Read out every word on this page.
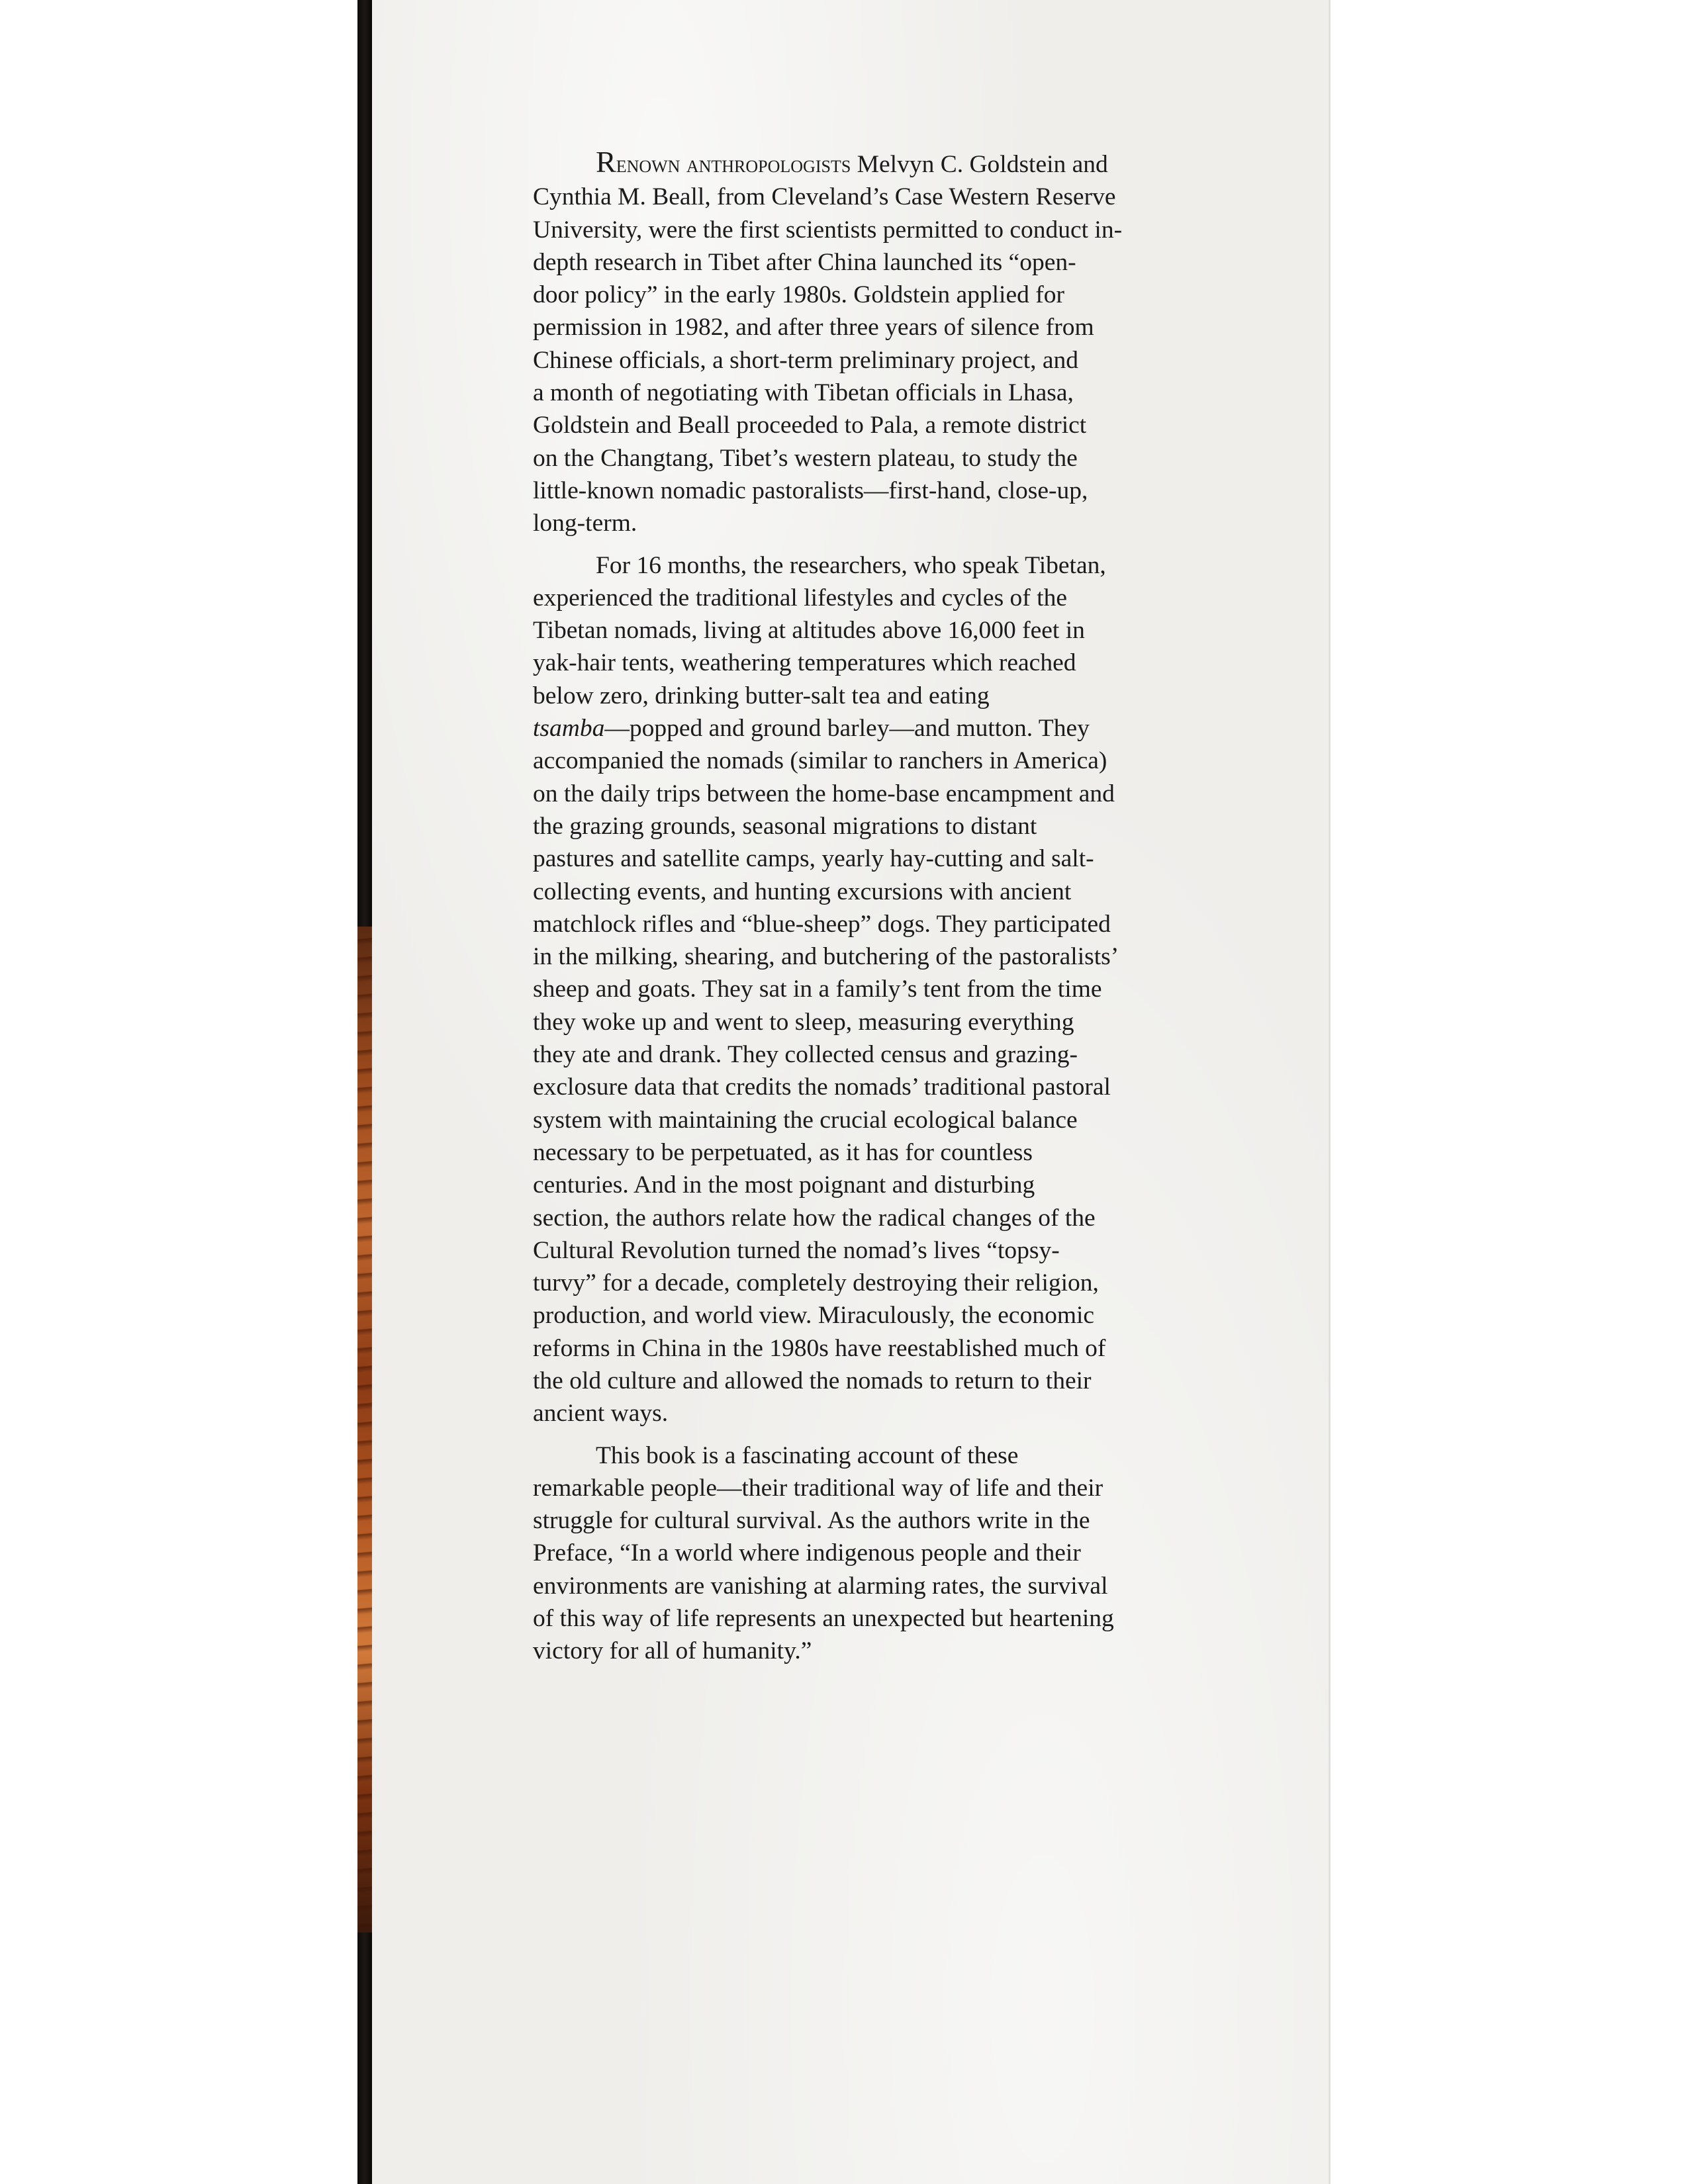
Renown anthropologists Melvyn C. Goldstein and
Cynthia M. Beall, from Cleveland’s Case Western Reserve
University, were the first scientists permitted to conduct in-
depth research in Tibet after China launched its “open-
door policy” in the early 1980s. Goldstein applied for
permission in 1982, and after three years of silence from
Chinese officials, a short-term preliminary project, and
a month of negotiating with Tibetan officials in Lhasa,
Goldstein and Beall proceeded to Pala, a remote district
on the Changtang, Tibet’s western plateau, to study the
little-known nomadic pastoralists—first-hand, close-up,
long-term.

For 16 months, the researchers, who speak Tibetan,
experienced the traditional lifestyles and cycles of the
Tibetan nomads, living at altitudes above 16,000 feet in
yak-hair tents, weathering temperatures which reached
below zero, drinking butter-salt tea and eating
tsamba—popped and ground barley—and mutton. They
accompanied the nomads (similar to ranchers in America)
on the daily trips between the home-base encampment and
the grazing grounds, seasonal migrations to distant
pastures and satellite camps, yearly hay-cutting and salt-
collecting events, and hunting excursions with ancient
matchlock rifles and “blue-sheep” dogs. They participated
in the milking, shearing, and butchering of the pastoralists’
sheep and goats. They sat in a family’s tent from the time
they woke up and went to sleep, measuring everything
they ate and drank. They collected census and grazing-
exclosure data that credits the nomads’ traditional pastoral
system with maintaining the crucial ecological balance
necessary to be perpetuated, as it has for countless
centuries. And in the most poignant and disturbing
section, the authors relate how the radical changes of the
Cultural Revolution turned the nomad’s lives “topsy-
turvy” for a decade, completely destroying their religion,
production, and world view. Miraculously, the economic
reforms in China in the 1980s have reestablished much of
the old culture and allowed the nomads to return to their
ancient ways.

This book is a fascinating account of these
remarkable people—their traditional way of life and their
struggle for cultural survival. As the authors write in the
Preface, “In a world where indigenous people and their
environments are vanishing at alarming rates, the survival
of this way of life represents an unexpected but heartening
victory for all of humanity.”
